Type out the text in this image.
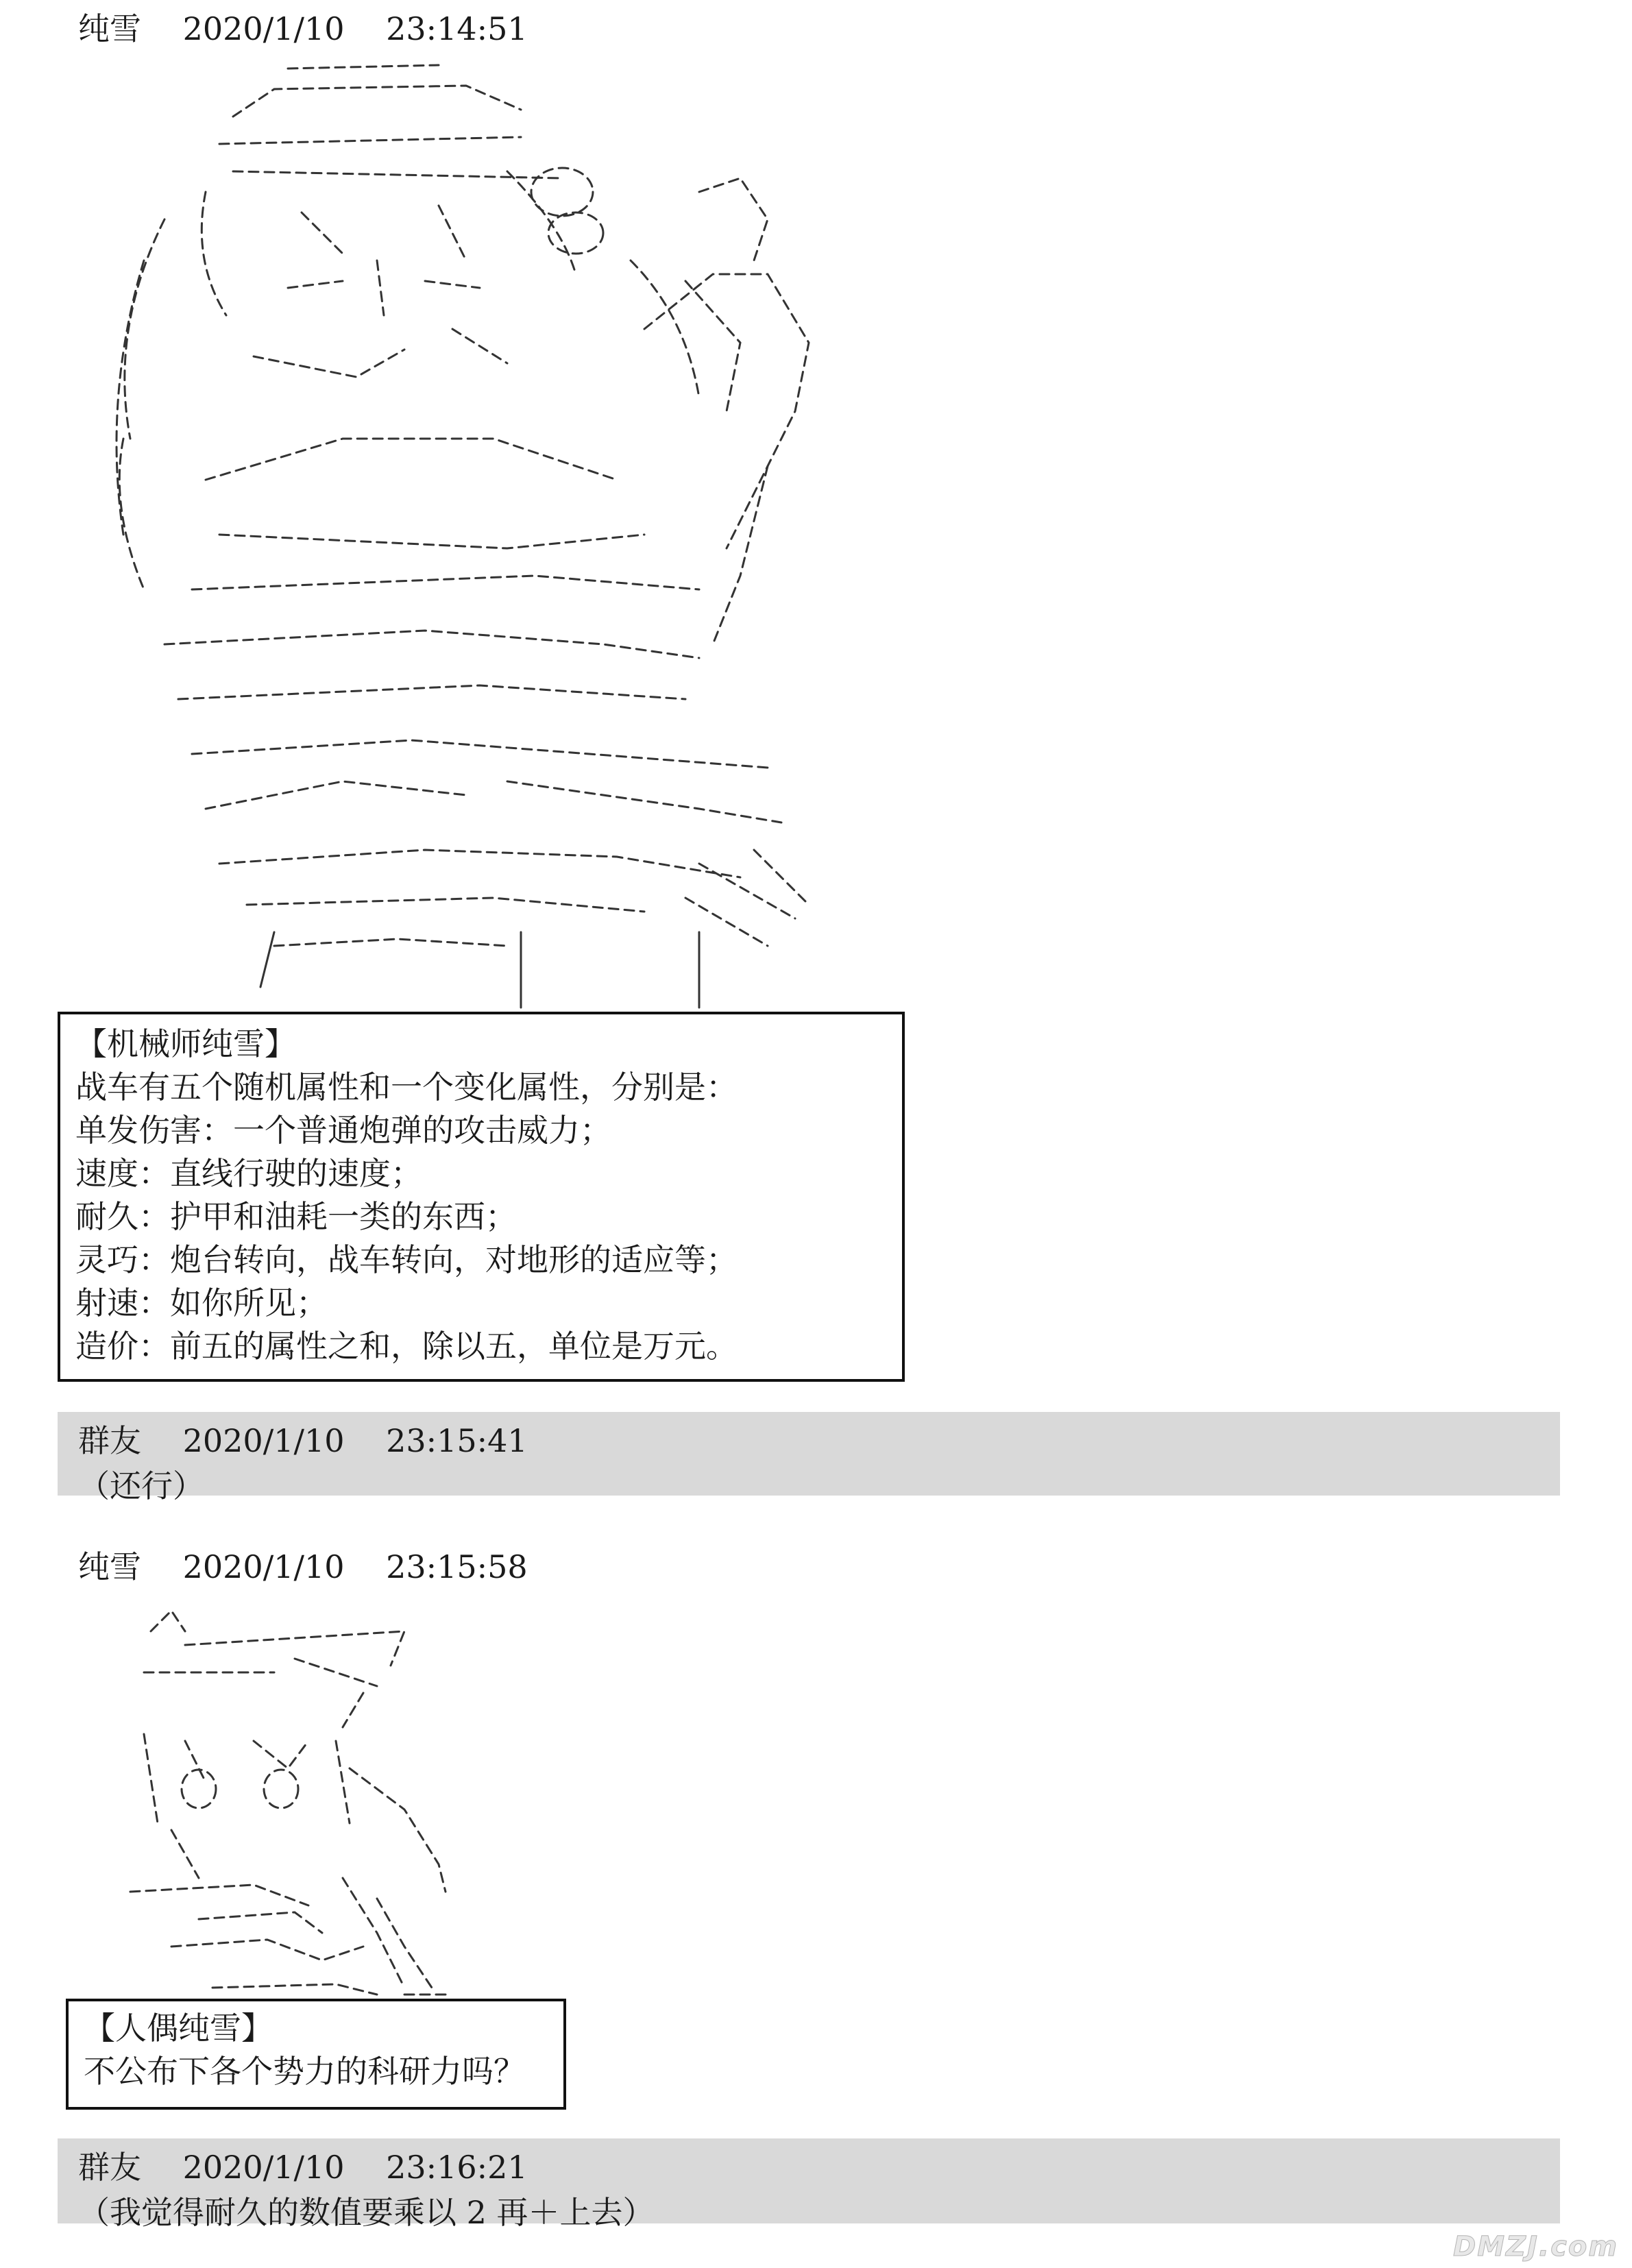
纯雪　 2020/1/10 　23:14:51
【机械师纯雪】
战车有五个随机属性和一个变化属性，分别是：
单发伤害：一个普通炮弹的攻击威力；
速度：直线行驶的速度；
耐久：护甲和油耗一类的东西；
灵巧：炮台转向，战车转向，对地形的适应等；
射速：如你所见；
造价：前五的属性之和，除以五，单位是万元。
群友　 2020/1/10 　23:15:41
（还行）
纯雪　 2020/1/10 　23:15:58
【人偶纯雪】
不公布下各个势力的科研力吗？
群友　 2020/1/10 　23:16:21
（我觉得耐久的数值要乘以 2 再＋上去）
DMZJ.com
